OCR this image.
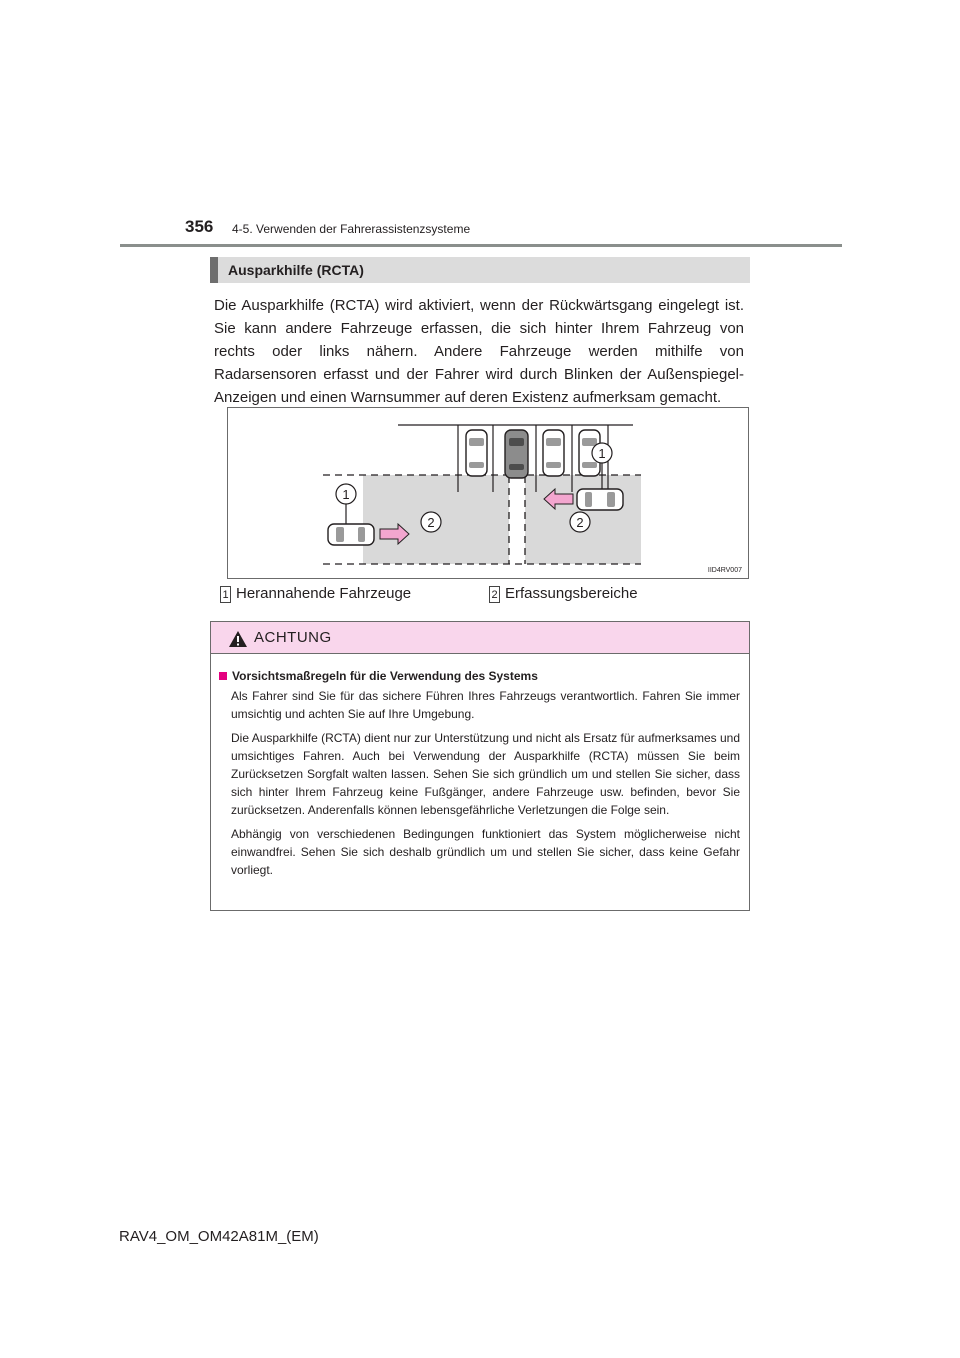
356 4-5. Verwenden der Fahrerassistenzsysteme
Ausparkhilfe (RCTA)
Die Ausparkhilfe (RCTA) wird aktiviert, wenn der Rückwärtsgang eingelegt ist. Sie kann andere Fahrzeuge erfassen, die sich hinter Ihrem Fahrzeug von rechts oder links nähern. Andere Fahrzeuge werden mithilfe von Radarsensoren erfasst und der Fahrer wird durch Blinken der Außenspiegel-Anzeigen und einen Warnsummer auf deren Existenz aufmerksam gemacht.
1
2
1
2
IID4RV007
1 Herannahende Fahrzeuge	2 Erfassungsbereiche
ACHTUNG
Vorsichtsmaßregeln für die Verwendung des Systems
Als Fahrer sind Sie für das sichere Führen Ihres Fahrzeugs verantwortlich. Fahren Sie immer umsichtig und achten Sie auf Ihre Umgebung.
Die Ausparkhilfe (RCTA) dient nur zur Unterstützung und nicht als Ersatz für aufmerksames und umsichtiges Fahren. Auch bei Verwendung der Ausparkhilfe (RCTA) müssen Sie beim Zurücksetzen Sorgfalt walten lassen. Sehen Sie sich gründlich um und stellen Sie sicher, dass sich hinter Ihrem Fahrzeug keine Fußgänger, andere Fahrzeuge usw. befinden, bevor Sie zurücksetzen. Anderenfalls können lebensgefährliche Verletzungen die Folge sein.
Abhängig von verschiedenen Bedingungen funktioniert das System möglicherweise nicht einwandfrei. Sehen Sie sich deshalb gründlich um und stellen Sie sicher, dass keine Gefahr vorliegt.
RAV4_OM_OM42A81M_(EM)
